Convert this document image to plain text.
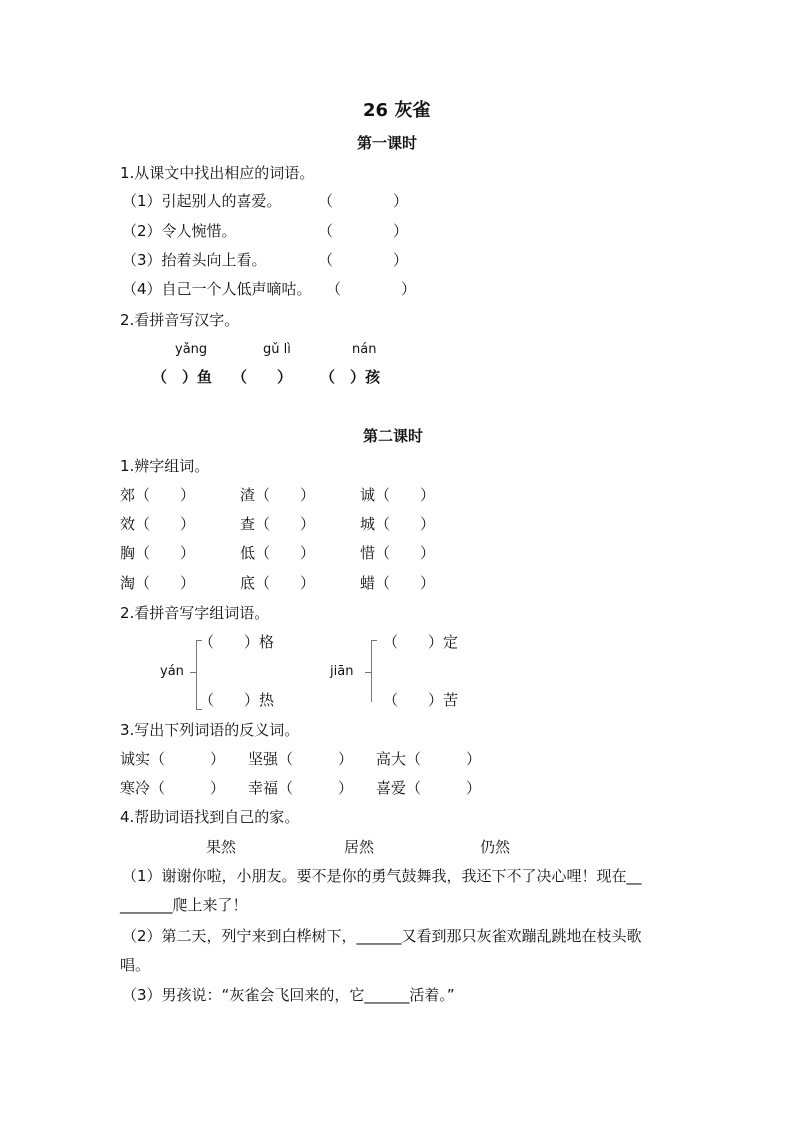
26 灰雀
第一课时
1.从课文中找出相应的词语。
（1）引起别人的喜爱。 （　　　　）
（2）令人惋惜。	（　　　　）
（3）抬着头向上看。	（　　　　）
（4）自己一个人低声嘀咕。 （　　　　）
2.看拼音写汉字。
yǎng	gǔ lì	nán
（　）鱼 （　　） （　）孩
第二课时
1.辨字组词。
郊（　　）	渣（　　）	诚（　　）
效（　　）	查（　　）	城（　　）
胸（　　）	低（　　）	惜（　　）
淘（　　）	底（　　）	蜡（　　）
2.看拼音写字组词语。
yán
（　　）格
（　　）热
jiān
（　　）定
（　　）苦
3.写出下列词语的反义词。
诚实（　　　） 坚强（　　　） 高大（　　　）
寒冷（　　　） 幸福（　　　） 喜爱（　　　）
4.帮助词语找到自己的家。
果然	居然	仍然
（1）谢谢你啦，小朋友。要不是你的勇气鼓舞我，我还下不了决心哩！现在__
_______爬上来了！
（2）第二天，列宁来到白桦树下，______又看到那只灰雀欢蹦乱跳地在枝头歌
唱。
（3）男孩说：“灰雀会飞回来的，它______活着。”
